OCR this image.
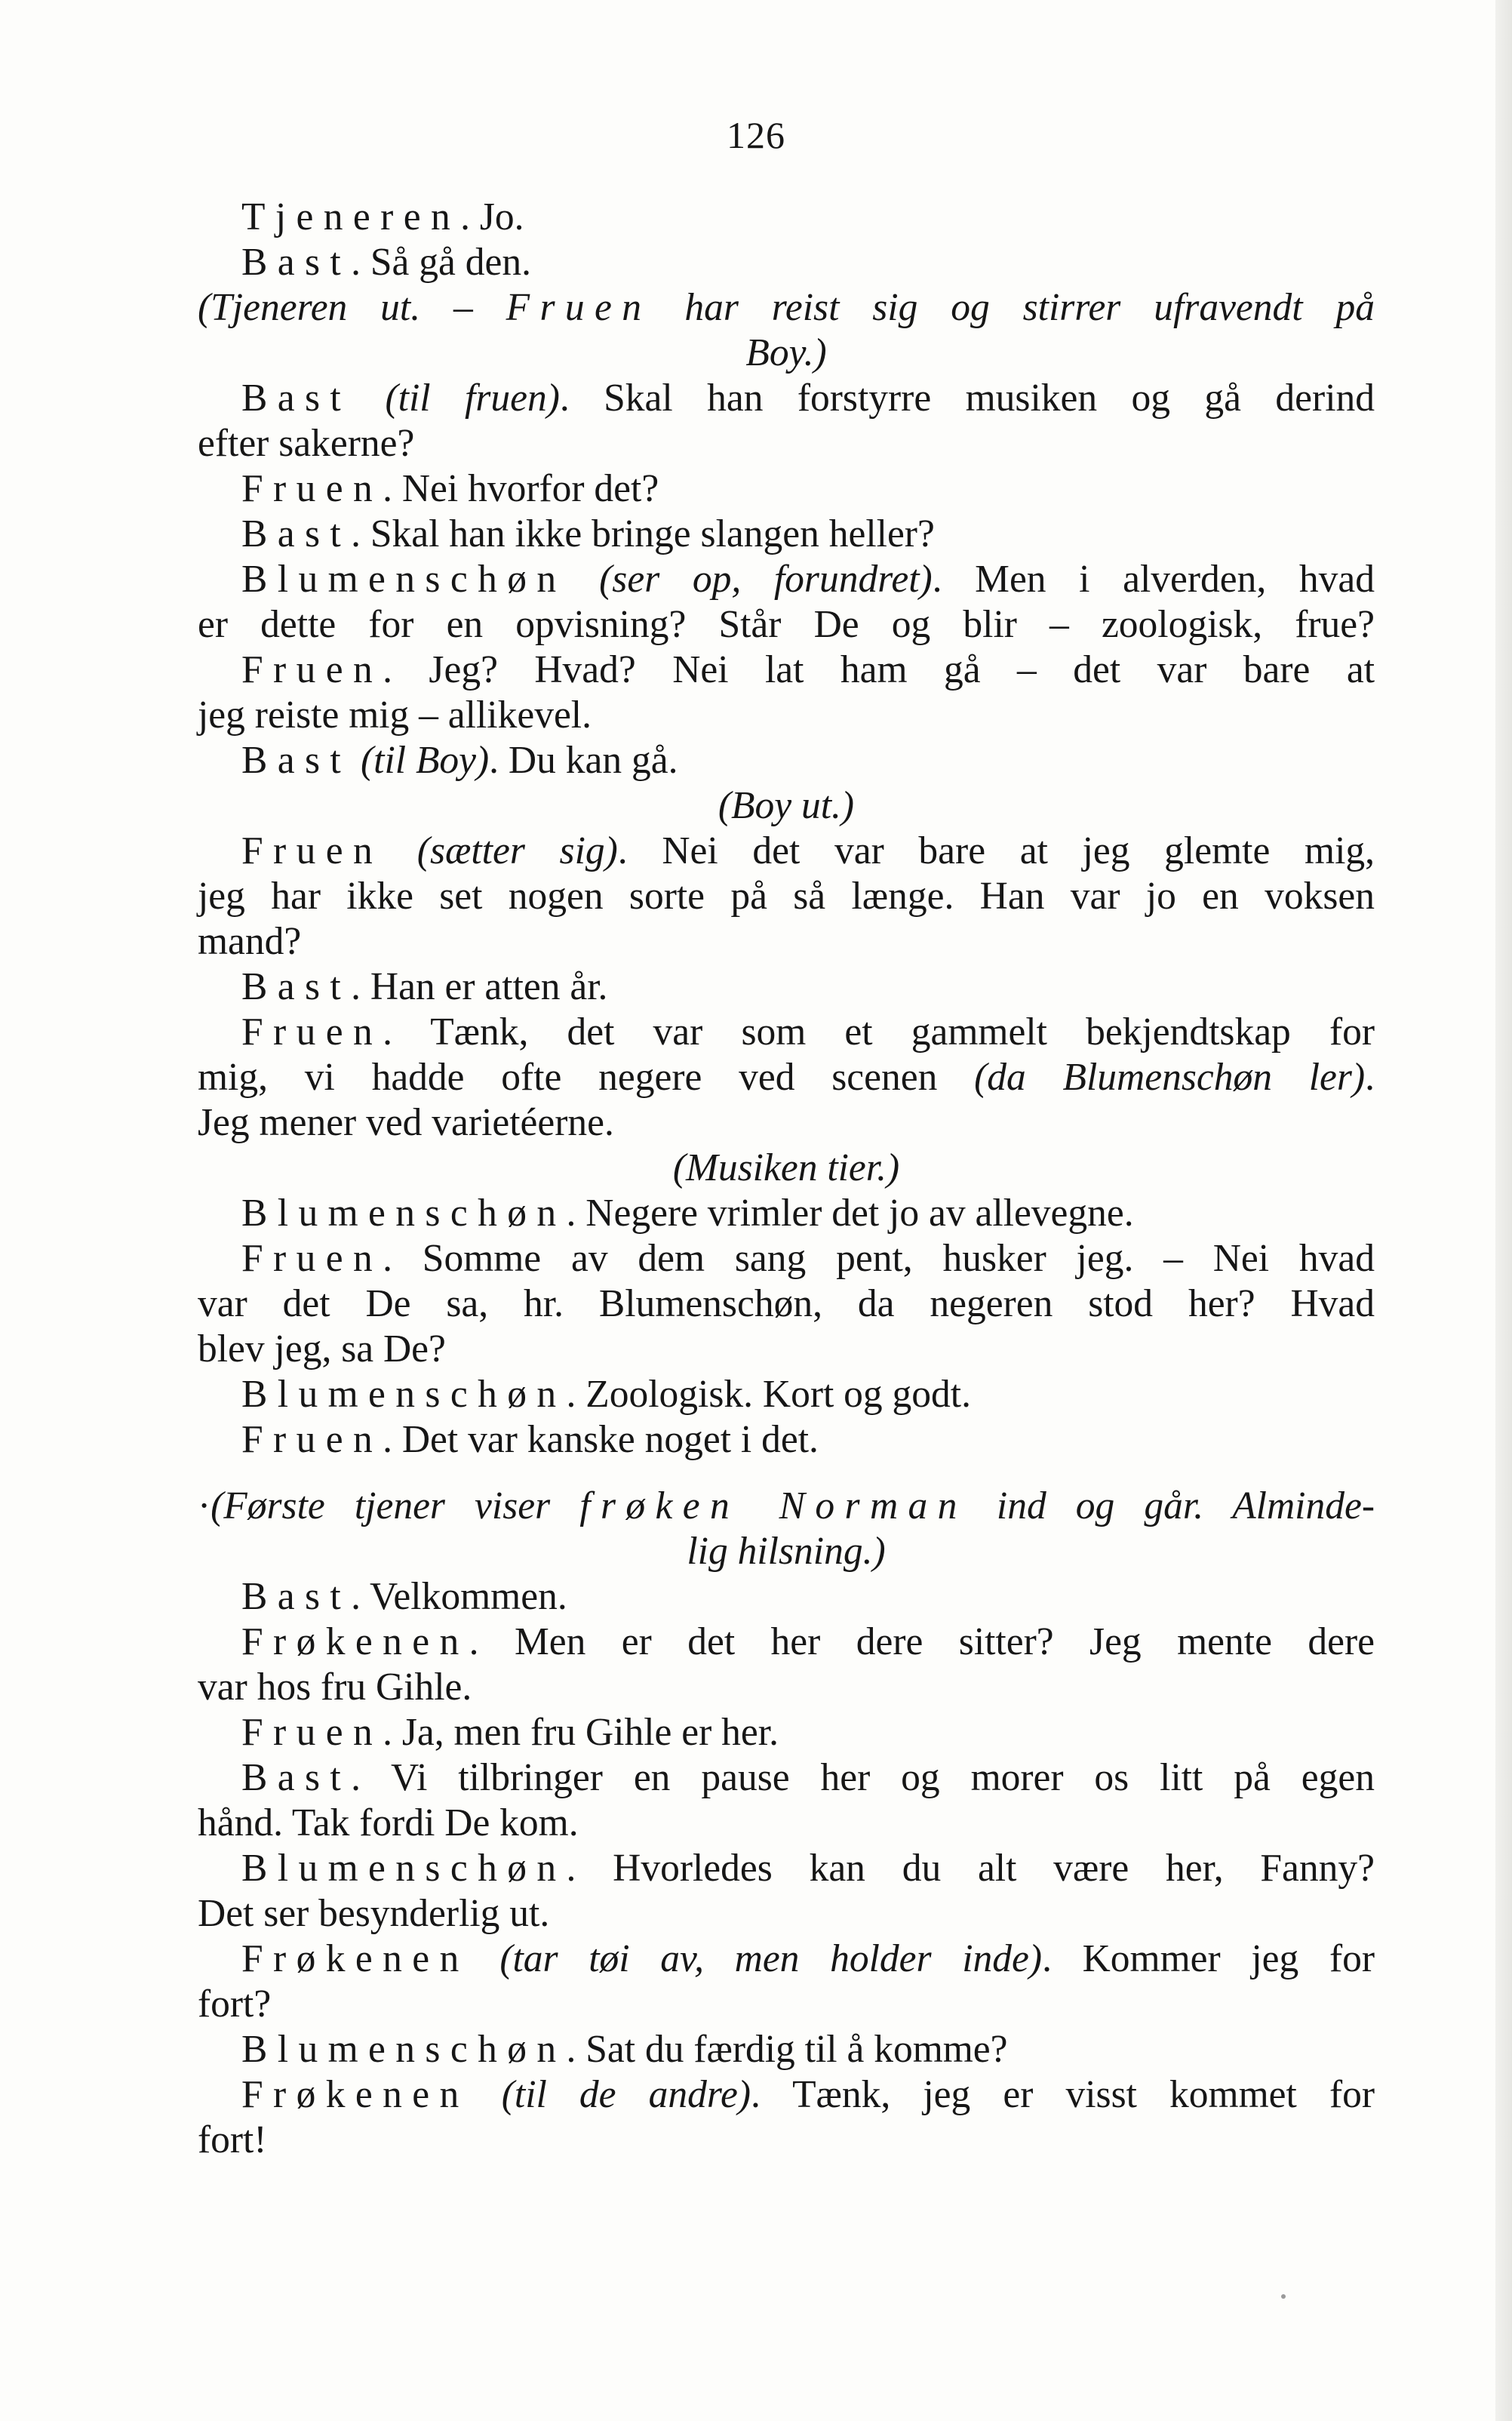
126
Tjeneren. Jo.
Bast. Så gå den.
(Tjeneren ut. – Fruen har reist sig og stirrer ufravendt på
Boy.)
Bast (til fruen). Skal han forstyrre musiken og gå derind
efter sakerne?
Fruen. Nei hvorfor det?
Bast. Skal han ikke bringe slangen heller?
Blumenschøn (ser op, forundret). Men i alverden, hvad
er dette for en opvisning? Står De og blir – zoologisk, frue?
Fruen. Jeg? Hvad? Nei lat ham gå – det var bare at
jeg reiste mig – allikevel.
Bast (til Boy). Du kan gå.
(Boy ut.)
Fruen (sætter sig). Nei det var bare at jeg glemte mig,
jeg har ikke set nogen sorte på så længe. Han var jo en voksen
mand?
Bast. Han er atten år.
Fruen. Tænk, det var som et gammelt bekjendtskap for
mig, vi hadde ofte negere ved scenen (da Blumenschøn ler).
Jeg mener ved varietéerne.
(Musiken tier.)
Blumenschøn. Negere vrimler det jo av allevegne.
Fruen. Somme av dem sang pent, husker jeg. – Nei hvad
var det De sa, hr. Blumenschøn, da negeren stod her? Hvad
blev jeg, sa De?
Blumenschøn. Zoologisk. Kort og godt.
Fruen. Det var kanske noget i det.
·(Første tjener viser frøken Norman ind og går. Alminde-
lig hilsning.)
Bast. Velkommen.
Frøkenen. Men er det her dere sitter? Jeg mente dere
var hos fru Gihle.
Fruen. Ja, men fru Gihle er her.
Bast. Vi tilbringer en pause her og morer os litt på egen
hånd. Tak fordi De kom.
Blumenschøn. Hvorledes kan du alt være her, Fanny?
Det ser besynderlig ut.
Frøkenen (tar tøi av, men holder inde). Kommer jeg for
fort?
Blumenschøn. Sat du færdig til å komme?
Frøkenen (til de andre). Tænk, jeg er visst kommet for
fort!
